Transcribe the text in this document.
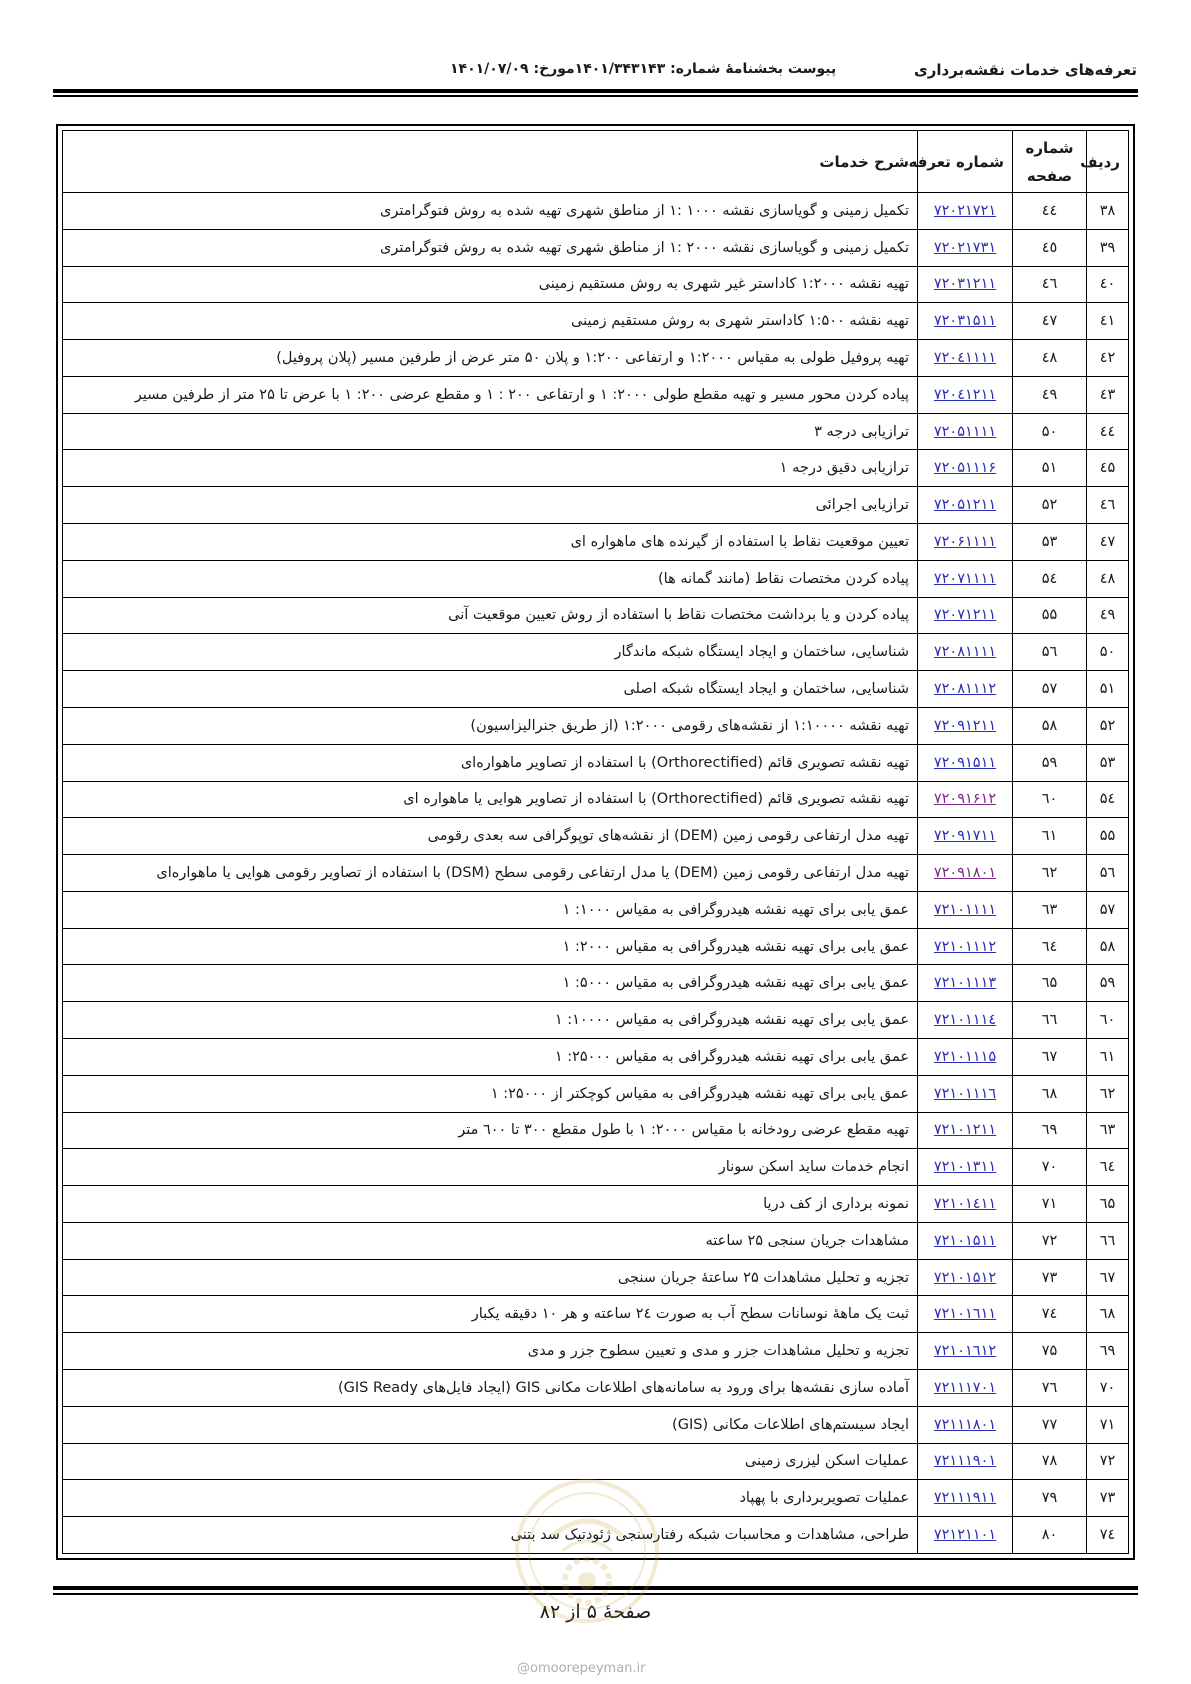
تعرفه‌های خدمات نقشه‌برداری
پیوست بخشنامهٔ شماره: ۱۴۰۱/۳۴۳۱۴۳مورخ: ۱۴۰۱/۰۷/۰۹
ردیف	شماره صفحه	شماره تعرفه	شرح خدمات
۳۸	٤٤	۷۲۰۲۱۷۲۱	تکمیل زمینی و گویاسازی نقشه ۱۰۰۰ :۱ از مناطق شهری تهیه شده به روش فتوگرامتری
۳۹	٤٥	۷۲۰۲۱۷۳۱	تکمیل زمینی و گویاسازی نقشه ۲۰۰۰ :۱ از مناطق شهری تهیه شده به روش فتوگرامتری
٤۰	٤٦	۷۲۰۳۱۲۱۱	تهیه نقشه ۱:۲۰۰۰ کاداستر غیر شهری به روش مستقیم زمینی
٤۱	٤۷	۷۲۰۳۱۵۱۱	تهیه نقشه ۱:۵۰۰ کاداستر شهری به روش مستقیم زمینی
٤۲	٤۸	۷۲۰٤۱۱۱۱	تهیه پروفیل طولی به مقیاس ۱:۲۰۰۰ و ارتفاعی ۱:۲۰۰ و پلان ۵۰ متر عرض از طرفین مسیر (پلان پروفیل)
٤۳	٤۹	۷۲۰٤۱۲۱۱	پیاده کردن محور مسیر و تهیه مقطع طولی ۲۰۰۰: ۱ و ارتفاعی ۲۰۰ : ۱ و مقطع عرضی ۲۰۰: ۱ با عرض تا ۲۵ متر از طرفین مسیر
٤٤	۵۰	۷۲۰۵۱۱۱۱	ترازیابی درجه ۳
٤۵	۵۱	۷۲۰۵۱۱۱۶	ترازیابی دقیق درجه ۱
٤٦	۵۲	۷۲۰۵۱۲۱۱	ترازیابی اجرائی
٤۷	۵۳	۷۲۰۶۱۱۱۱	تعیین موقعیت نقاط با استفاده از گیرنده های ماهواره ای
٤۸	۵٤	۷۲۰۷۱۱۱۱	پیاده کردن مختصات نقاط (مانند گمانه ها)
٤۹	۵۵	۷۲۰۷۱۲۱۱	پیاده کردن و یا برداشت مختصات نقاط با استفاده از روش تعیین موقعیت آنی
۵۰	۵٦	۷۲۰۸۱۱۱۱	شناسایی، ساختمان و ایجاد ایستگاه شبکه ماندگار
۵۱	۵۷	۷۲۰۸۱۱۱۲	شناسایی، ساختمان و ایجاد ایستگاه شبکه اصلی
۵۲	۵۸	۷۲۰۹۱۲۱۱	تهیه نقشه ۱:۱۰۰۰۰ از نقشه‌های رقومی ۱:۲۰۰۰ (از طریق جنرالیزاسیون)
۵۳	۵۹	۷۲۰۹۱۵۱۱	تهیه نقشه تصویری قائم (Orthorectified) با استفاده از تصاویر ماهواره‌ای
۵٤	٦۰	۷۲۰۹۱۶۱۲	تهیه نقشه تصویری قائم (Orthorectified) با استفاده از تصاویر هوایی یا ماهواره ای
۵۵	٦۱	۷۲۰۹۱۷۱۱	تهیه مدل ارتفاعی رقومی زمین (DEM) از نقشه‌های توپوگرافی سه بعدی رقومی
۵٦	٦۲	۷۲۰۹۱۸۰۱	تهیه مدل ارتفاعی رقومی زمین (DEM) یا مدل ارتفاعی رقومی سطح (DSM) با استفاده از تصاویر رقومی هوایی یا ماهواره‌ای
۵۷	٦۳	۷۲۱۰۱۱۱۱	عمق یابی برای تهیه نقشه هیدروگرافی به مقیاس ۱۰۰۰: ۱
۵۸	٦٤	۷۲۱۰۱۱۱۲	عمق یابی برای تهیه نقشه هیدروگرافی به مقیاس ۲۰۰۰: ۱
۵۹	٦۵	۷۲۱۰۱۱۱۳	عمق یابی برای تهیه نقشه هیدروگرافی به مقیاس ۵۰۰۰: ۱
٦۰	٦٦	۷۲۱۰۱۱۱٤	عمق یابی برای تهیه نقشه هیدروگرافی به مقیاس ۱۰۰۰۰: ۱
٦۱	٦۷	۷۲۱۰۱۱۱۵	عمق یابی برای تهیه نقشه هیدروگرافی به مقیاس ۲۵۰۰۰: ۱
٦۲	٦۸	۷۲۱۰۱۱۱٦	عمق یابی برای تهیه نقشه هیدروگرافی به مقیاس کوچکتر از ۲۵۰۰۰: ۱
٦۳	٦۹	۷۲۱۰۱۲۱۱	تهیه مقطع عرضی رودخانه با مقیاس ۲۰۰۰: ۱ با طول مقطع ۳۰۰ تا ٦۰۰ متر
٦٤	۷۰	۷۲۱۰۱۳۱۱	انجام خدمات ساید اسکن سونار
٦۵	۷۱	۷۲۱۰۱٤۱۱	نمونه برداری از کف دریا
٦٦	۷۲	۷۲۱۰۱۵۱۱	مشاهدات جریان سنجی ۲۵ ساعته
٦۷	۷۳	۷۲۱۰۱۵۱۲	تجزیه و تحلیل مشاهدات ۲۵ ساعتهٔ جریان سنجی
٦۸	۷٤	۷۲۱۰۱٦۱۱	ثبت یک ماههٔ نوسانات سطح آب به صورت ۲٤ ساعته و هر ۱۰ دقیقه یکبار
٦۹	۷۵	۷۲۱۰۱٦۱۲	تجزیه و تحلیل مشاهدات جزر و مدی و تعیین سطوح جزر و مدی
۷۰	۷٦	۷۲۱۱۱۷۰۱	آماده سازی نقشه‌ها برای ورود به سامانه‌های اطلاعات مکانی GIS (ایجاد فایل‌های GIS Ready)
۷۱	۷۷	۷۲۱۱۱۸۰۱	ایجاد سیستم‌های اطلاعات مکانی (GIS)
۷۲	۷۸	۷۲۱۱۱۹۰۱	عملیات اسکن لیزری زمینی
۷۳	۷۹	۷۲۱۱۱۹۱۱	عملیات تصویربرداری با پهپاد
۷٤	۸۰	۷۲۱۲۱۱۰۱	طراحی، مشاهدات و محاسبات شبکه رفتارسنجی ژئودتیک سد بتنی
صفحهٔ ۵ از ۸۲
@omoorepeyman.ir
